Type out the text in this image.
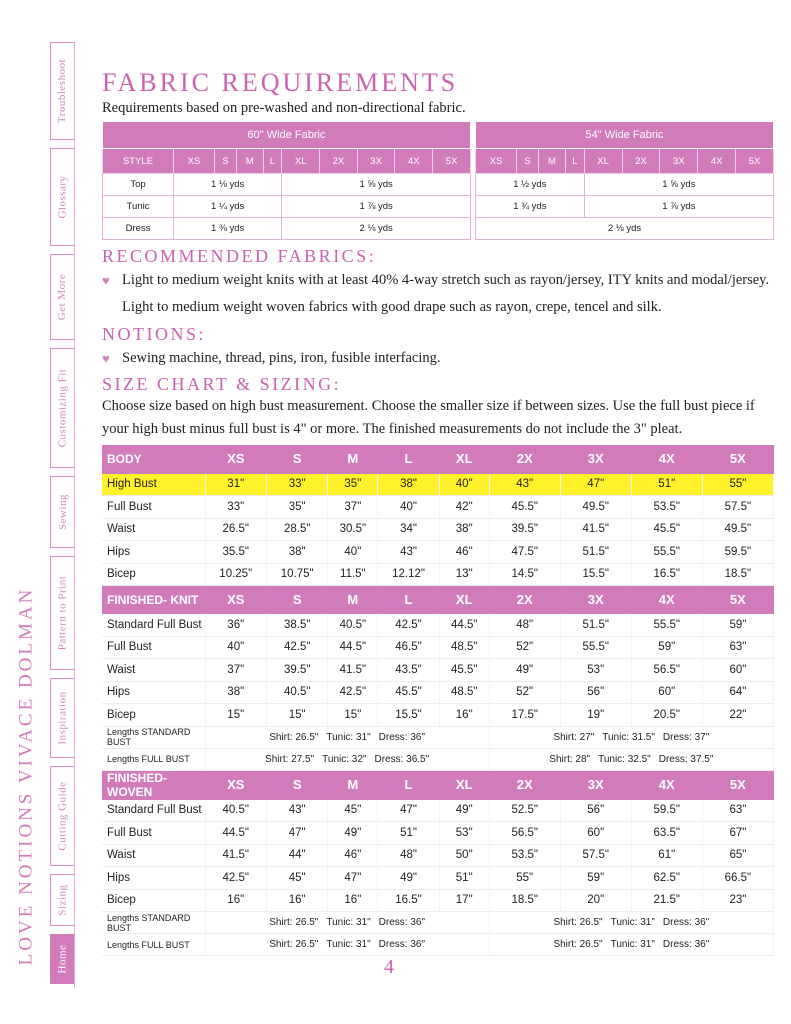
Troubleshoot
Glossary
Get More
Customizing Fit
Sewing
Pattern to Print
Inspiration
Cutting Guide
Sizing
Home
LOVE NOTIONS VIVACE DOLMAN
FABRIC REQUIREMENTS
Requirements based on pre-washed and non-directional fabric.
60" Wide Fabric									
STYLE	XS	S	M	L	XL	2X	3X	4X	5X
Top	1 ⅛ yds				1 ⅝ yds				
Tunic	1 ¼ yds				1 ⅞ yds				
Dress	1 ⅜ yds				2 ⅛ yds				
54" Wide Fabric								
XS	S	M	L	XL	2X	3X	4X	5X
1 ½ yds				1 ⅝ yds				
1 ¾ yds				1 ⅞ yds				
2 ⅛ yds								
RECOMMENDED FABRICS:
♥ Light to medium weight knits with at least 40% 4-way stretch such as rayon/jersey, ITY knits and modal/jersey. Light to medium weight woven fabrics with good drape such as rayon, crepe, tencel and silk.
NOTIONS:
♥ Sewing machine, thread, pins, iron, fusible interfacing.
SIZE CHART & SIZING:
Choose size based on high bust measurement. Choose the smaller size if between sizes. Use the full bust piece if your high bust minus full bust is 4" or more. The finished measurements do not include the 3" pleat.
BODY	XS	S	M	L	XL	2X	3X	4X	5X
High Bust	31"	33"	35"	38"	40"	43"	47"	51"	55"
Full Bust	33"	35"	37"	40"	42"	45.5"	49.5"	53.5"	57.5"
Waist	26.5"	28.5"	30.5"	34"	38"	39.5"	41.5"	45.5"	49.5"
Hips	35.5"	38"	40"	43"	46"	47.5"	51.5"	55.5"	59.5"
Bicep	10.25"	10.75"	11.5"	12.12"	13"	14.5"	15.5"	16.5"	18.5"
FINISHED- KNIT	XS	S	M	L	XL	2X	3X	4X	5X
Standard Full Bust	36"	38.5"	40.5"	42.5"	44.5"	48"	51.5"	55.5"	59"
Full Bust	40"	42.5"	44.5"	46.5"	48.5"	52"	55.5"	59"	63"
Waist	37"	39.5"	41.5"	43.5"	45.5"	49"	53"	56.5"	60"
Hips	38"	40.5"	42.5"	45.5"	48.5"	52"	56"	60"	64"
Bicep	15"	15"	15"	15.5"	16"	17.5"	19"	20.5"	22"
Lengths STANDARD BUST	Shirt: 26.5" Tunic: 31" Dress: 36"					Shirt: 27" Tunic: 31.5" Dress: 37"			

Lengths FULL BUST	Shirt: 27.5" Tunic: 32" Dress: 36.5"					Shirt: 28" Tunic: 32.5" Dress: 37.5"			

FINISHED- WOVEN	XS	S	M	L	XL	2X	3X	4X	5X
Standard Full Bust	40.5"	43"	45"	47"	49"	52.5"	56"	59.5"	63"
Full Bust	44.5"	47"	49"	51"	53"	56.5"	60"	63.5"	67"
Waist	41.5"	44"	46"	48"	50"	53.5"	57.5"	61"	65"
Hips	42.5"	45"	47"	49"	51"	55"	59"	62.5"	66.5"
Bicep	16"	16"	16"	16.5"	17"	18.5"	20"	21.5"	23"
Lengths STANDARD BUST	Shirt: 26.5" Tunic: 31" Dress: 36"					Shirt: 26.5" Tunic: 31" Dress: 36"			

Lengths FULL BUST	Shirt: 26.5" Tunic: 31" Dress: 36"					Shirt: 26.5" Tunic: 31" Dress: 36"			
4
